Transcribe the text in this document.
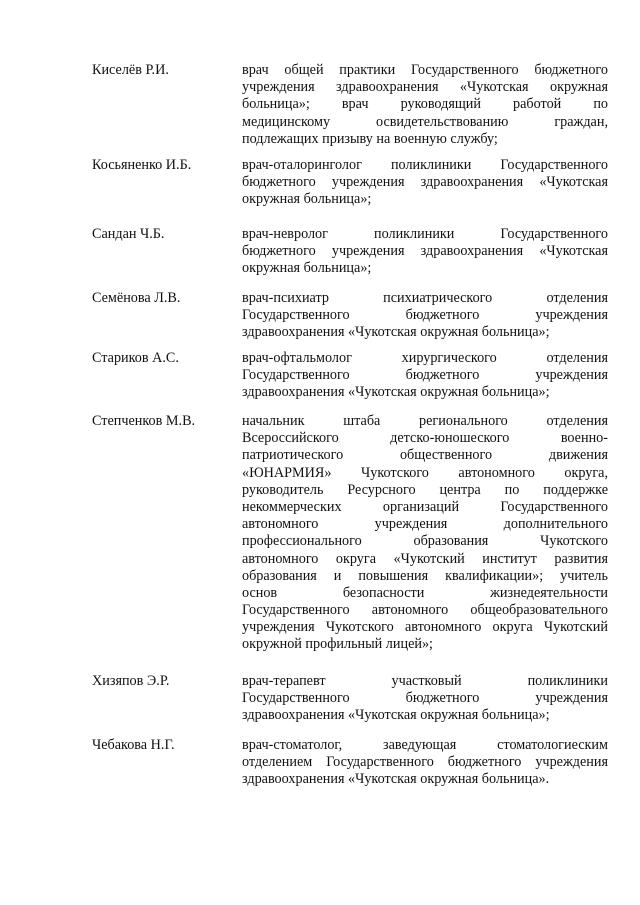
Киселёв Р.И.	врач общей практики Государственного бюджетного
учреждения здравоохранения «Чукотская окружная
больница»; врач руководящий работой по
медицинскому освидетельствованию граждан,
подлежащих призыву на военную службу;
Косьяненко И.Б.	врач-оталоринголог поликлиники Государственного
бюджетного учреждения здравоохранения «Чукотская
окружная больница»;
Сандан Ч.Б.	врач-невролог поликлиники Государственного
бюджетного учреждения здравоохранения «Чукотская
окружная больница»;
Семёнова Л.В.	врач-психиатр психиатрического отделения
Государственного бюджетного учреждения
здравоохранения «Чукотская окружная больница»;
Стариков А.С.	врач-офтальмолог хирургического отделения
Государственного бюджетного учреждения
здравоохранения «Чукотская окружная больница»;
Степченков М.В.	начальник штаба регионального отделения
Всероссийского детско-юношеского военно-
патриотического общественного движения
«ЮНАРМИЯ» Чукотского автономного округа,
руководитель Ресурсного центра по поддержке
некоммерческих организаций Государственного
автономного учреждения дополнительного
профессионального образования Чукотского
автономного округа «Чукотский институт развития
образования и повышения квалификации»; учитель
основ безопасности жизнедеятельности
Государственного автономного общеобразовательного
учреждения Чукотского автономного округа Чукотский
окружной профильный лицей»;
Хизяпов Э.Р.	врач-терапевт участковый поликлиники
Государственного бюджетного учреждения
здравоохранения «Чукотская окружная больница»;
Чебакова Н.Г.	врач-стоматолог, заведующая стоматологиеским
отделением Государственного бюджетного учреждения
здравоохранения «Чукотская окружная больница».
